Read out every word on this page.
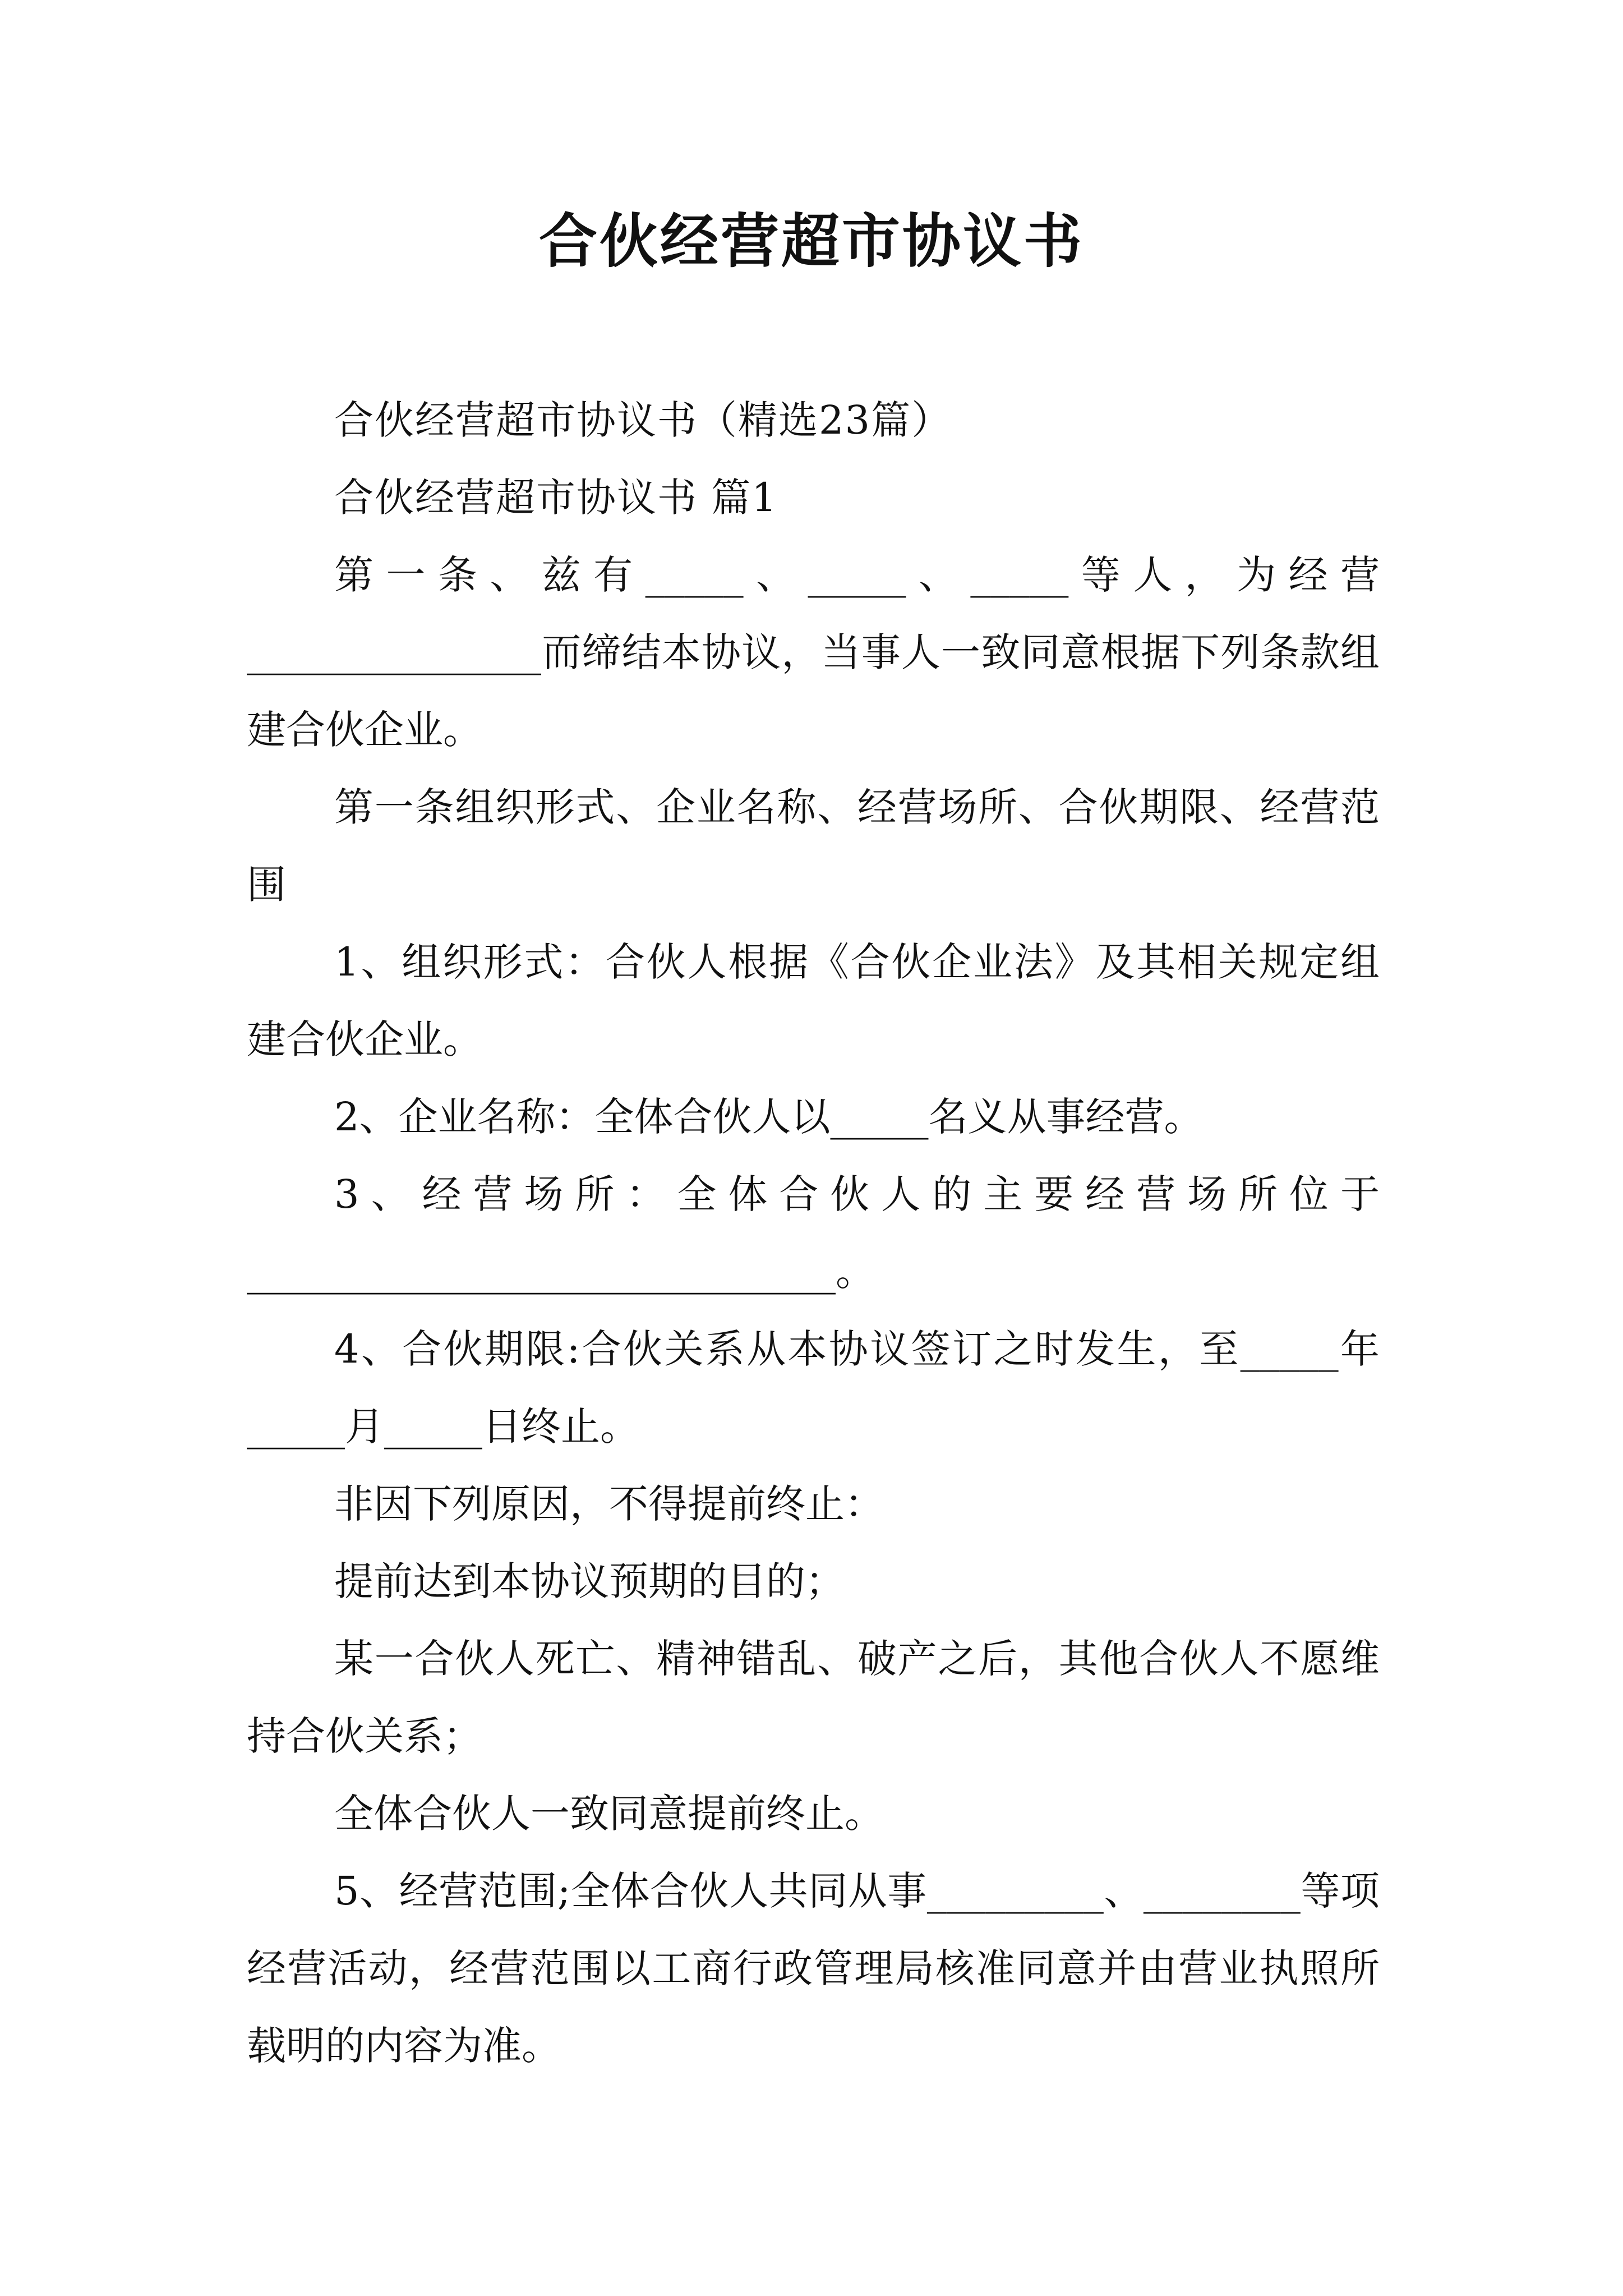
合伙经营超市协议书

合伙经营超市协议书（精选23篇）

合伙经营超市协议书 篇1

第一条、兹有_____、_____、_____等人，为经营_______________而缔结本协议，当事人一致同意根据下列条款组建合伙企业。

第一条组织形式、企业名称、经营场所、合伙期限、经营范围

1、组织形式：合伙人根据《合伙企业法》及其相关规定组建合伙企业。

2、企业名称：全体合伙人以_____名义从事经营。

3、经营场所：全体合伙人的主要经营场所位于______________________________。

4、合伙期限:合伙关系从本协议签订之时发生，至_____年_____月_____日终止。

非因下列原因，不得提前终止：

提前达到本协议预期的目的；

某一合伙人死亡、精神错乱、破产之后，其他合伙人不愿维持合伙关系；

全体合伙人一致同意提前终止。

5、经营范围;全体合伙人共同从事_________、________等项经营活动，经营范围以工商行政管理局核准同意并由营业执照所载明的内容为准。
